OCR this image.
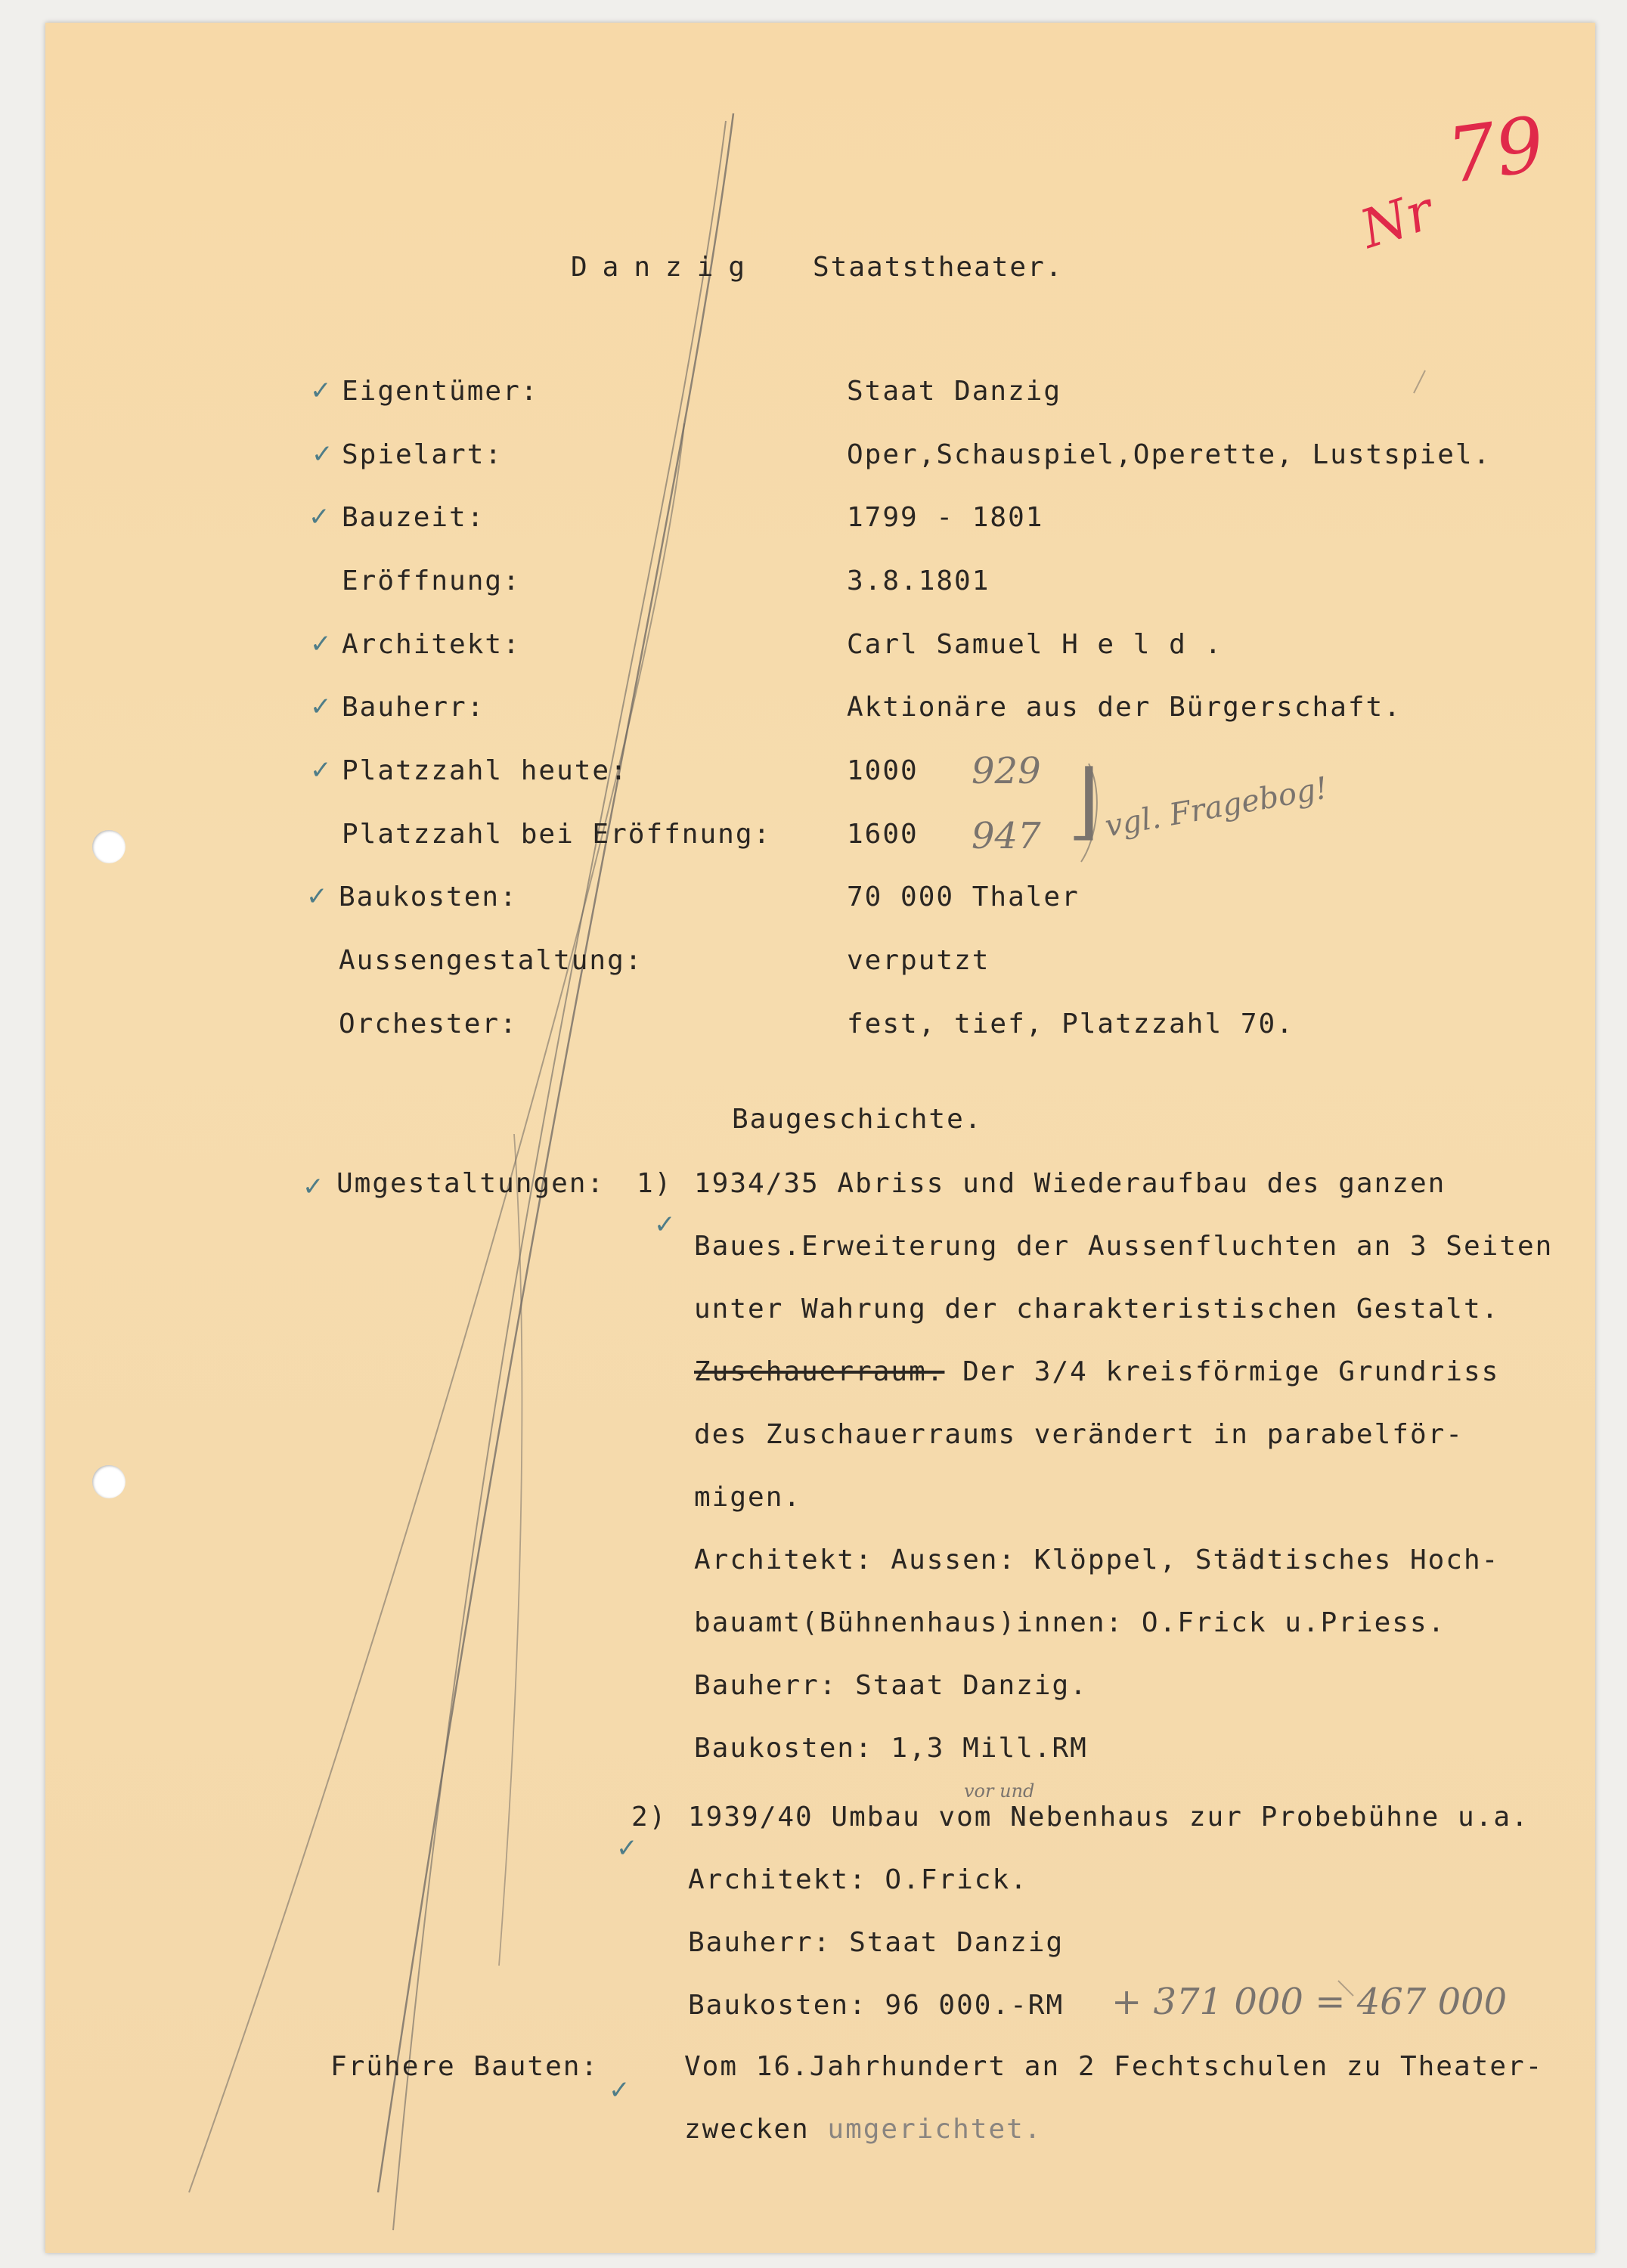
79
Nr
Danzig Staatstheater.
✓ Eigentümer:	Staat Danzig
✓ Spielart:	Oper,Schauspiel,Operette, Lustspiel.
✓ Bauzeit:	1799 - 1801
Eröffnung:	3.8.1801
✓ Architekt:	Carl Samuel H e l d .
✓ Bauherr:	Aktionäre aus der Bürgerschaft.
✓ Platzzahl heute:	1000 929
Platzzahl bei Eröffnung:	1600 947 ⌋ vgl. Fragebog!
✓ Baukosten:	70 000 Thaler
Aussengestaltung:	verputzt
Orchester:	fest, tief, Platzzahl 70.
Baugeschichte.
✓ Umgestaltungen: 1)
✓
1934/35 Abriss und Wiederaufbau des ganzen
Baues.Erweiterung der Aussenfluchten an 3 Seiten
unter Wahrung der charakteristischen Gestalt.
Zuschauerraum. Der 3/4 kreisförmige Grundriss
des Zuschauerraums verändert in parabelför-
migen.
Architekt: Aussen: Klöppel, Städtisches Hoch-
bauamt(Bühnenhaus)innen: O.Frick u.Priess.
Bauherr: Staat Danzig.
Baukosten: 1,3 Mill.RM
2)
✓
vor und
1939/40 Umbau vom Nebenhaus zur Probebühne u.a.
Architekt: O.Frick.
Bauherr: Staat Danzig
Baukosten: 96 000.-RM + 371 000 = 467 000
Frühere Bauten:
✓
Vom 16.Jahrhundert an 2 Fechtschulen zu Theater-
zwecken umgerichtet.
